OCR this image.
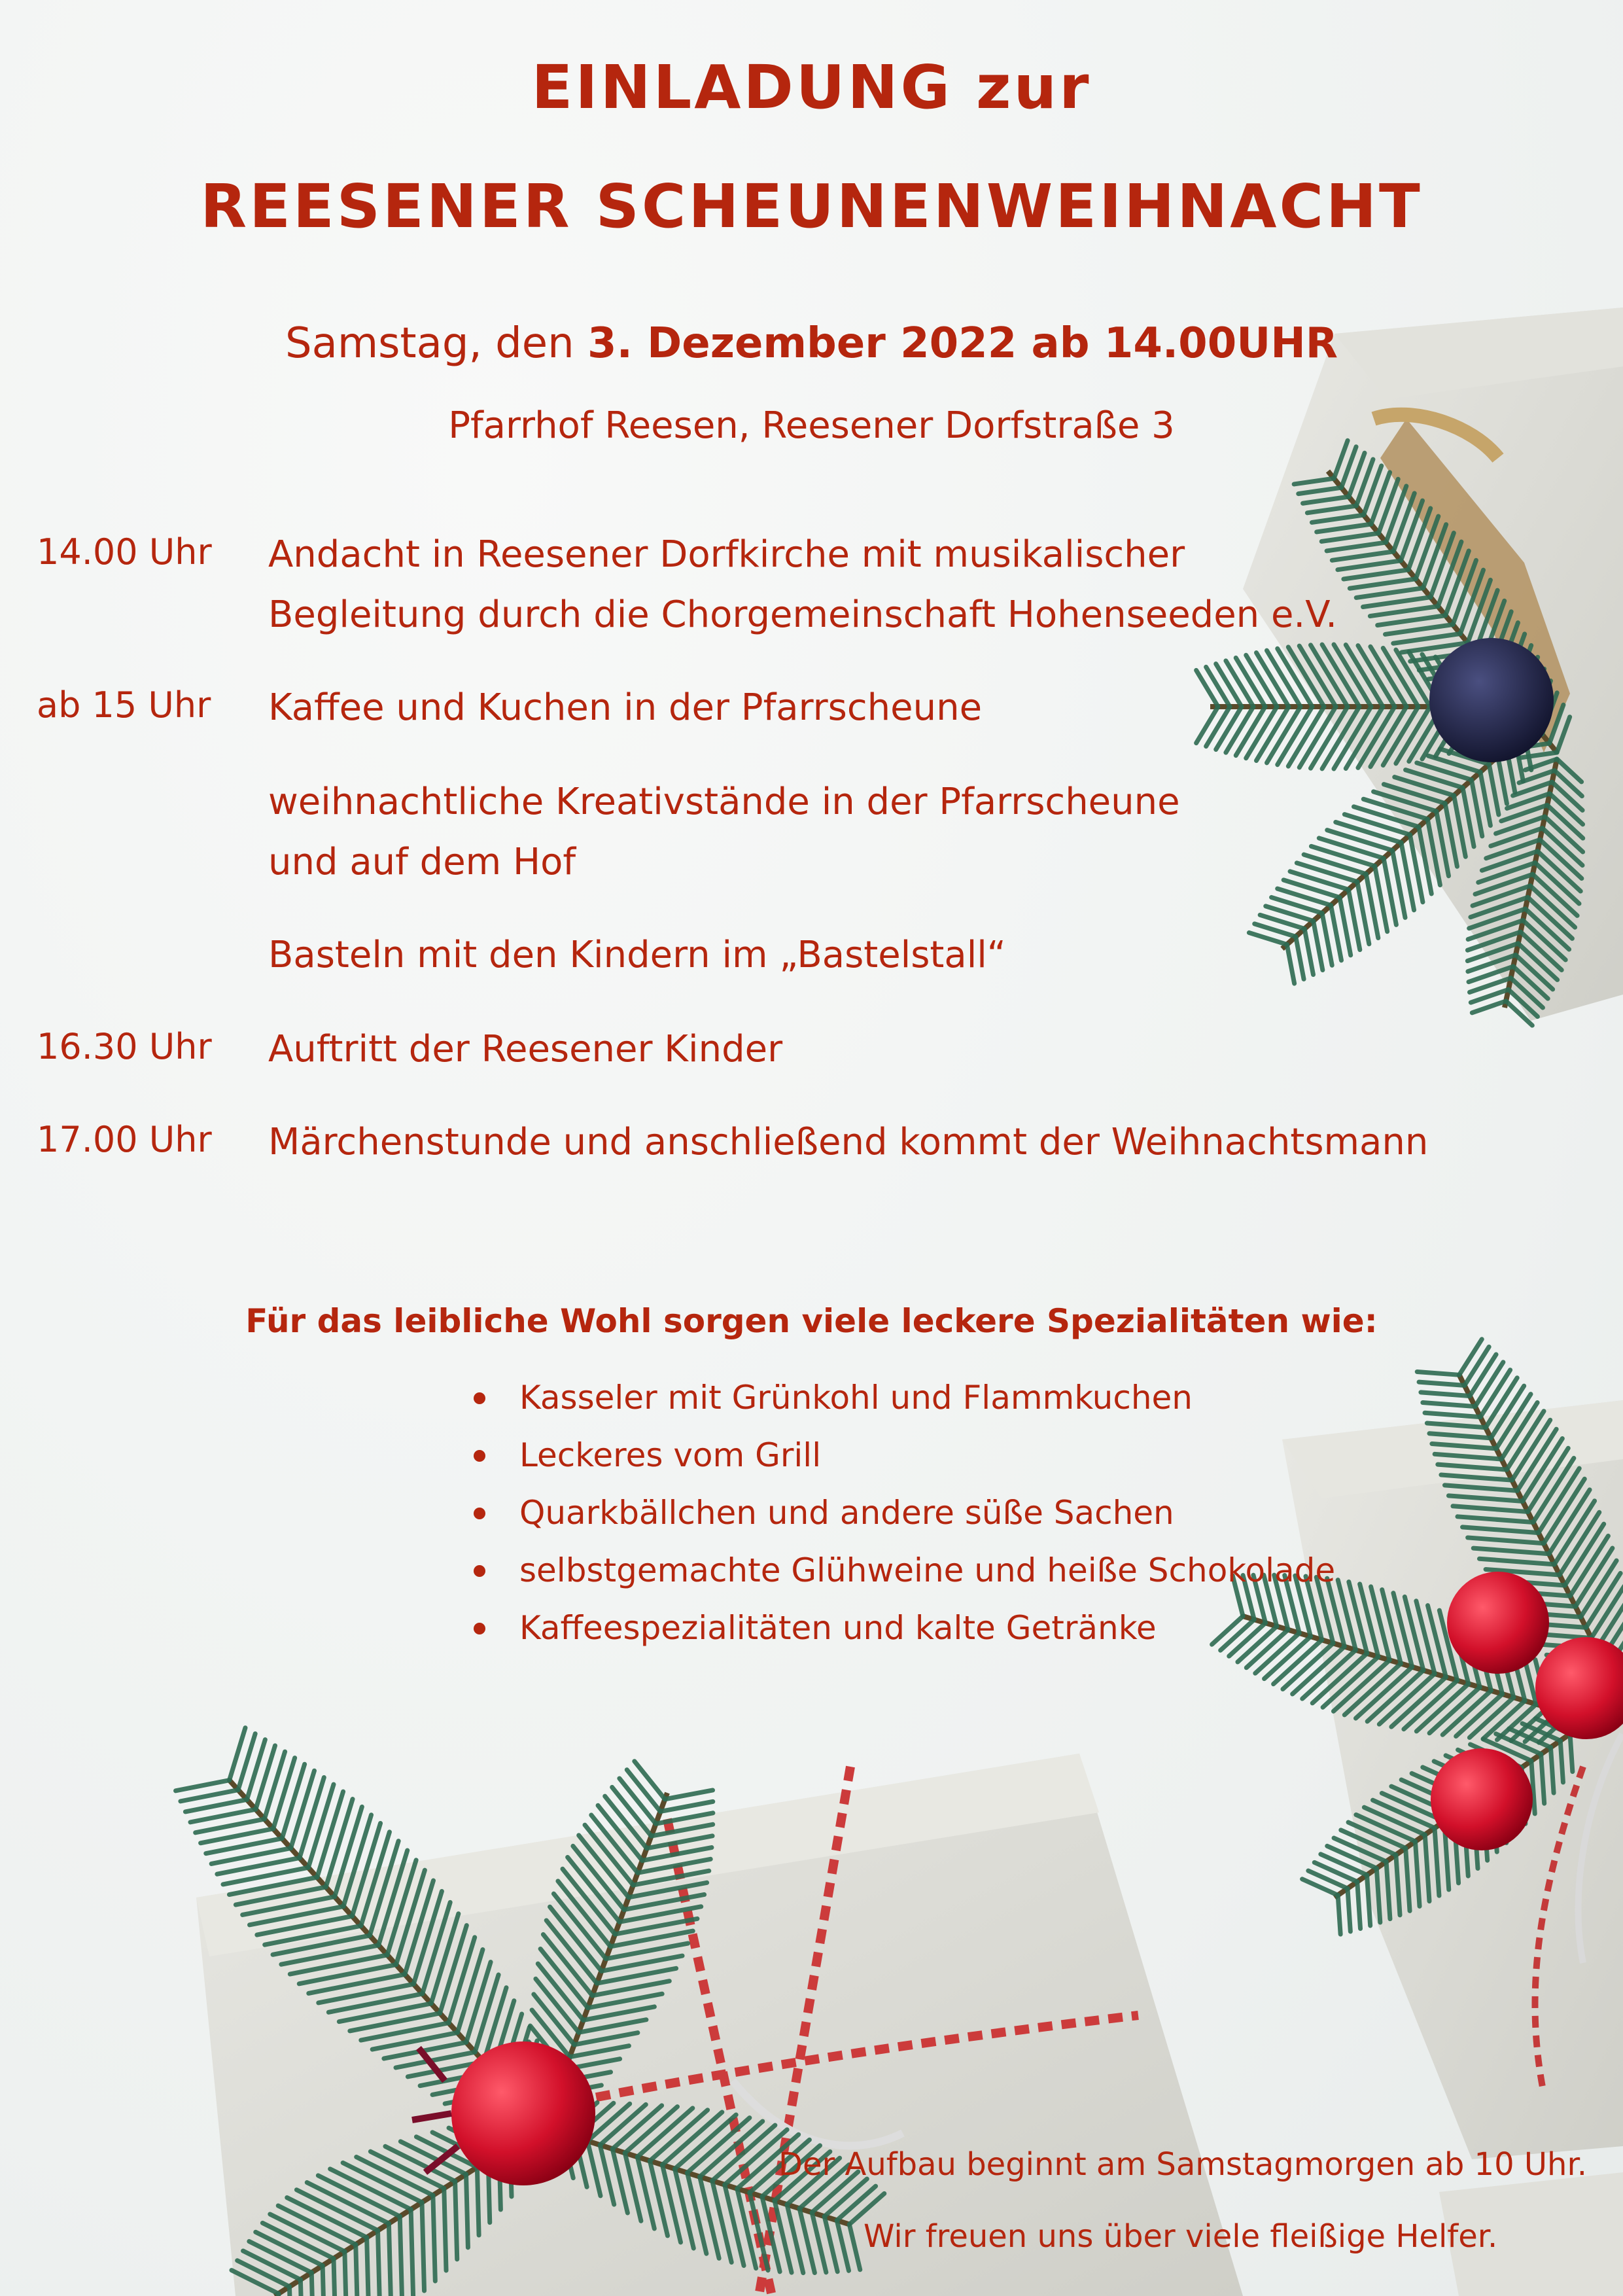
EINLADUNG zur
REESENER SCHEUNENWEIHNACHT
Samstag, den 3. Dezember 2022 ab 14.00UHR
Pfarrhof Reesen, Reesener Dorfstraße 3
14.00 Uhr Andacht in Reesener Dorfkirche mit musikalischer
Begleitung durch die Chorgemeinschaft Hohenseeden e.V.
ab 15 Uhr Kaffee und Kuchen in der Pfarrscheune
weihnachtliche Kreativstände in der Pfarrscheune
und auf dem Hof
Basteln mit den Kindern im „Bastelstall“
16.30 Uhr Auftritt der Reesener Kinder
17.00 Uhr Märchenstunde und anschließend kommt der Weihnachtsmann
Für das leibliche Wohl sorgen viele leckere Spezialitäten wie:
Kasseler mit Grünkohl und Flammkuchen
Leckeres vom Grill
Quarkbällchen und andere süße Sachen
selbstgemachte Glühweine und heiße Schokolade
Kaffeespezialitäten und kalte Getränke
Der Aufbau beginnt am Samstagmorgen ab 10 Uhr.
Wir freuen uns über viele fleißige Helfer.
